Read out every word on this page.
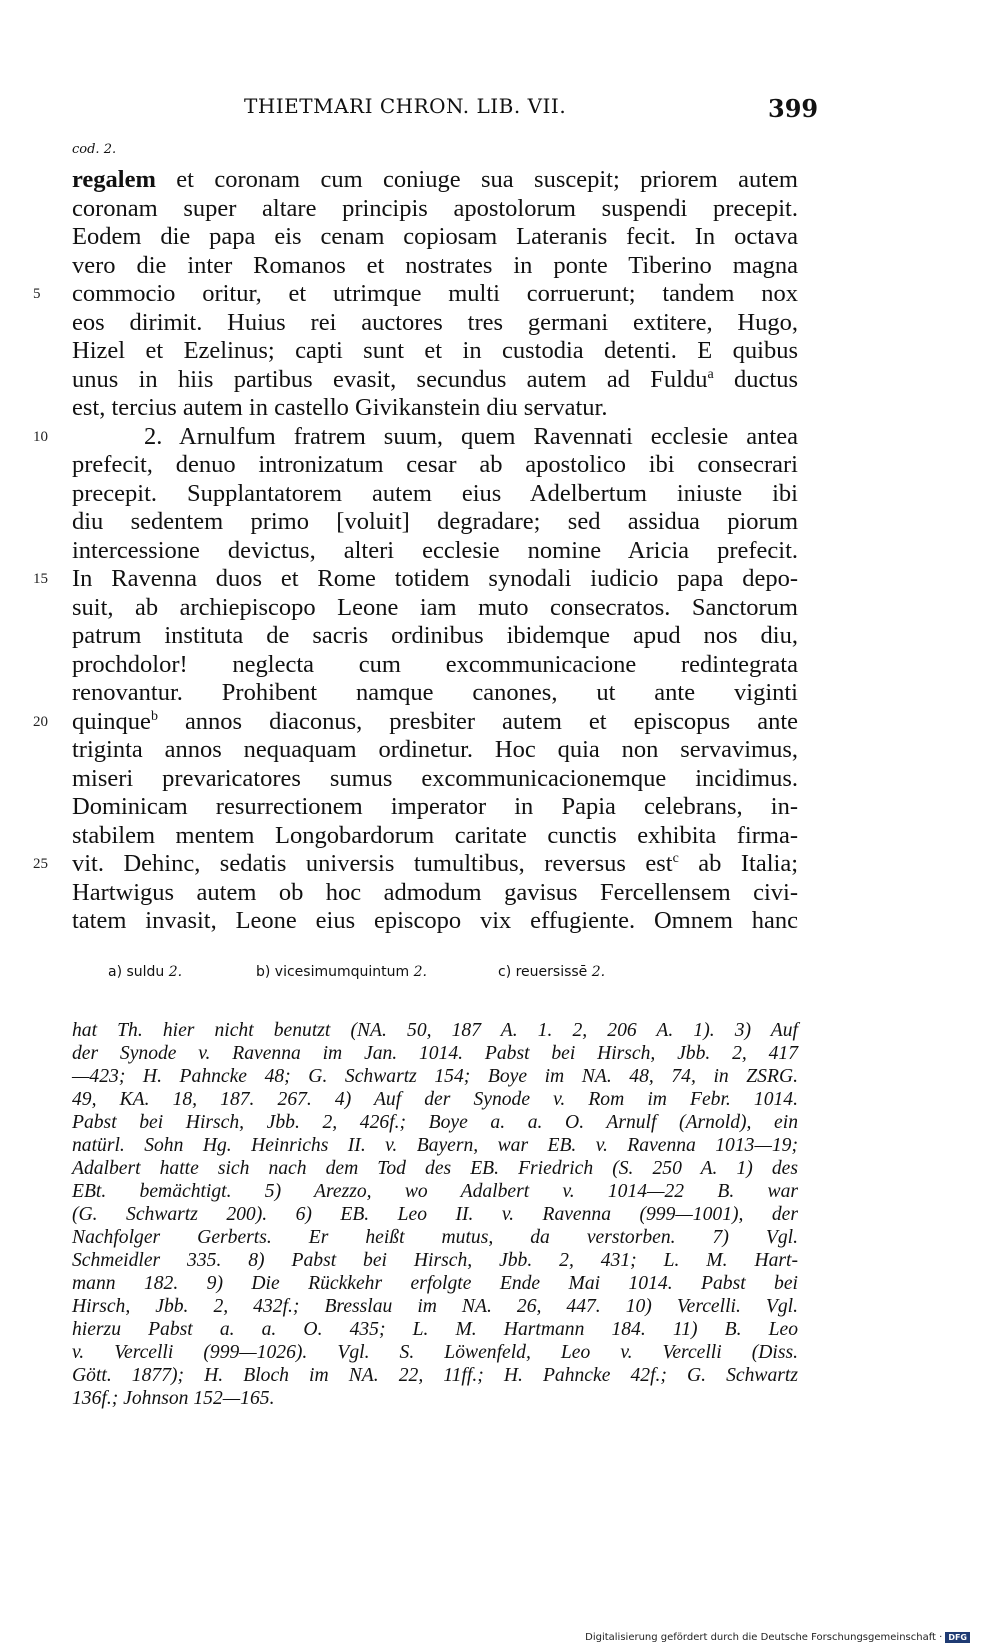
THIETMARI CHRON. LIB. VII.	399
cod. 2.
regalem et coronam cum coniuge sua suscepit; priorem autem
coronam super altare principis apostolorum suspendi precepit.
Eodem die papa eis cenam copiosam Lateranis fecit. In octava
vero die inter Romanos et nostrates in ponte Tiberino magna
5	commocio oritur, et utrimque multi corruerunt; tandem nox
eos dirimit. Huius rei auctores tres germani extitere, Hugo,
Hizel et Ezelinus; capti sunt et in custodia detenti. E quibus
unus in hiis partibus evasit, secundus autem ad Fuldu$^a$ ductus
est, tercius autem in castello Givikanstein diu servatur.
10 2. Arnulfum fratrem suum, quem Ravennati ecclesie antea
prefecit, denuo intronizatum cesar ab apostolico ibi consecrari
precepit. Supplantatorem autem eius Adelbertum iniuste ibi
diu sedentem primo [voluit] degradare; sed assidua piorum
intercessione devictus, alteri ecclesie nomine Aricia prefecit.
15 In Ravenna duos et Rome totidem synodali iudicio papa depo-
suit, ab archiepiscopo Leone iam muto consecratos. Sanctorum
patrum instituta de sacris ordinibus ibidemque apud nos diu,
prochdolor! neglecta cum excommunicacione redintegrata
renovantur. Prohibent namque canones, ut ante viginti
20 quinque$^b$ annos diaconus, presbiter autem et episcopus ante
triginta annos nequaquam ordinetur. Hoc quia non servavimus,
miseri prevaricatores sumus excommunicacionemque incidimus.
Dominicam resurrectionem imperator in Papia celebrans, in-
stabilem mentem Longobardorum caritate cunctis exhibita firma-
25 vit. Dehinc, sedatis universis tumultibus, reversus est$^c$ ab Italia;
Hartwigus autem ob hoc admodum gavisus Fercellensem civi-
tatem invasit, Leone eius episcopo vix effugiente. Omnem hanc
a) suldu 2.	b) vicesimumquintum 2.	c) reuersissē 2.
hat Th. hier nicht benutzt (NA. 50, 187 A. 1. 2, 206 A. 1). 3) Auf
der Synode v. Ravenna im Jan. 1014. Pabst bei Hirsch, Jbb. 2, 417
—423; H. Pahncke 48; G. Schwartz 154; Boye im NA. 48, 74, in ZSRG.
49, KA. 18, 187. 267. 4) Auf der Synode v. Rom im Febr. 1014.
Pabst bei Hirsch, Jbb. 2, 426f.; Boye a. a. O. Arnulf (Arnold), ein
natürl. Sohn Hg. Heinrichs II. v. Bayern, war EB. v. Ravenna 1013—19;
Adalbert hatte sich nach dem Tod des EB. Friedrich (S. 250 A. 1) des
EBt. bemächtigt. 5) Arezzo, wo Adalbert v. 1014—22 B. war
(G. Schwartz 200). 6) EB. Leo II. v. Ravenna (999—1001), der
Nachfolger Gerberts. Er heißt mutus, da verstorben. 7) Vgl.
Schmeidler 335. 8) Pabst bei Hirsch, Jbb. 2, 431; L. M. Hart-
mann 182. 9) Die Rückkehr erfolgte Ende Mai 1014. Pabst bei
Hirsch, Jbb. 2, 432f.; Bresslau im NA. 26, 447. 10) Vercelli. Vgl.
hierzu Pabst a. a. O. 435; L. M. Hartmann 184. 11) B. Leo
v. Vercelli (999—1026). Vgl. S. Löwenfeld, Leo v. Vercelli (Diss.
Gött. 1877); H. Bloch im NA. 22, 11ff.; H. Pahncke 42f.; G. Schwartz
136f.; Johnson 152—165.
Digitalisierung gefördert durch die Deutsche Forschungsgemeinschaft · DFG
